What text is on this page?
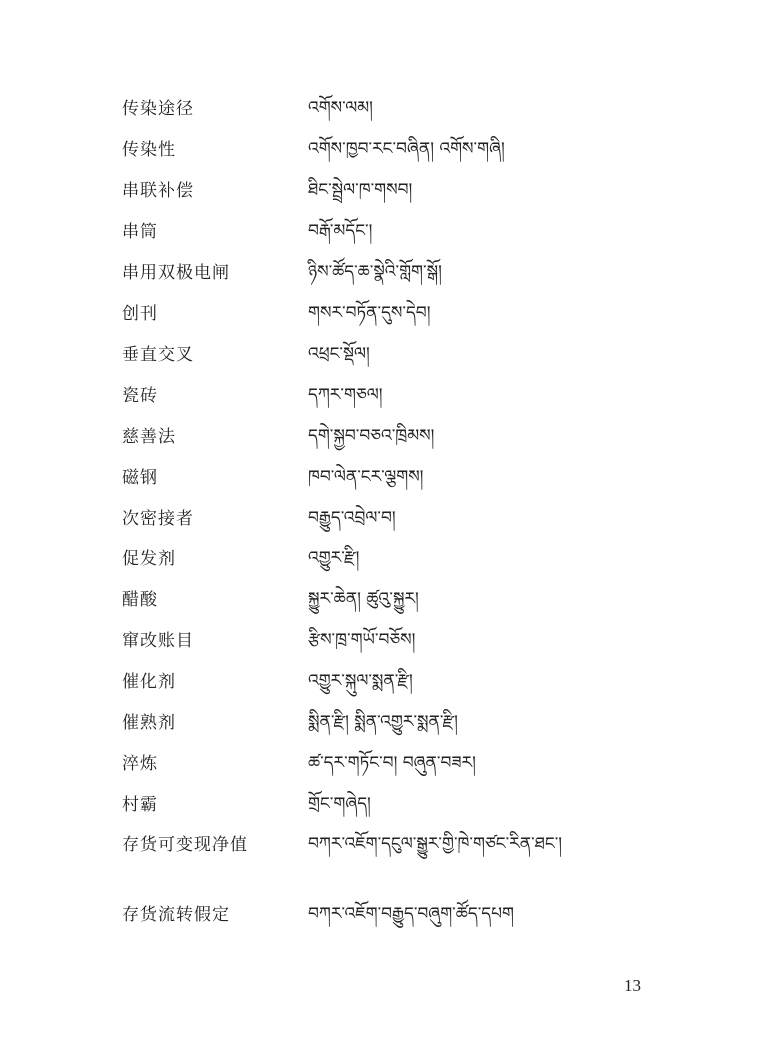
传染途径	འགོས་ལམ།
传染性	འགོས་ཁྱབ་རང་བཞིན། འགོས་གཞི།
串联补偿	ཐིང་སྦྲེལ་ཁ་གསབ།
串筒	བརྒོ་མདོང་།
串用双极电闸	ཉིས་ཚོད་ཆ་སྣེའི་གློག་སྒོ།
创刊	གསར་བཏོན་དུས་དེབ།
垂直交叉	འཕྲང་སྡོལ།
瓷砖	དཀར་གཅལ།
慈善法	དགེ་སྐྱབ་བཅའ་ཁྲིམས།
磁钢	ཁབ་ལེན་ངར་ལྕགས།
次密接者	བརྒྱུད་འབྲེལ་བ།
促发剂	འགྱུར་རྫི།
醋酸	སྐྱུར་ཆེན། ཚུའུ་སྐྱུར།
窜改账目	རྩིས་ཁྲ་གཡོ་བཅོས།
催化剂	འགྱུར་སྐུལ་སྨན་རྫི།
催熟剂	སྨིན་རྫི། སྨིན་འགྱུར་སྨན་རྫི།
淬炼	ཚ་དར་གཏོང་བ། བཞུན་བཟར།
村霸	གྲོང་གཞེད།
存货可变现净值	བཀར་འཇོག་དངུལ་སྒྱུར་གྱི་ཁེ་གཙང་རིན་ཐང་།
存货流转假定	བཀར་འཇོག་བརྒྱུད་བཞུག་ཚོད་དཔག
13
